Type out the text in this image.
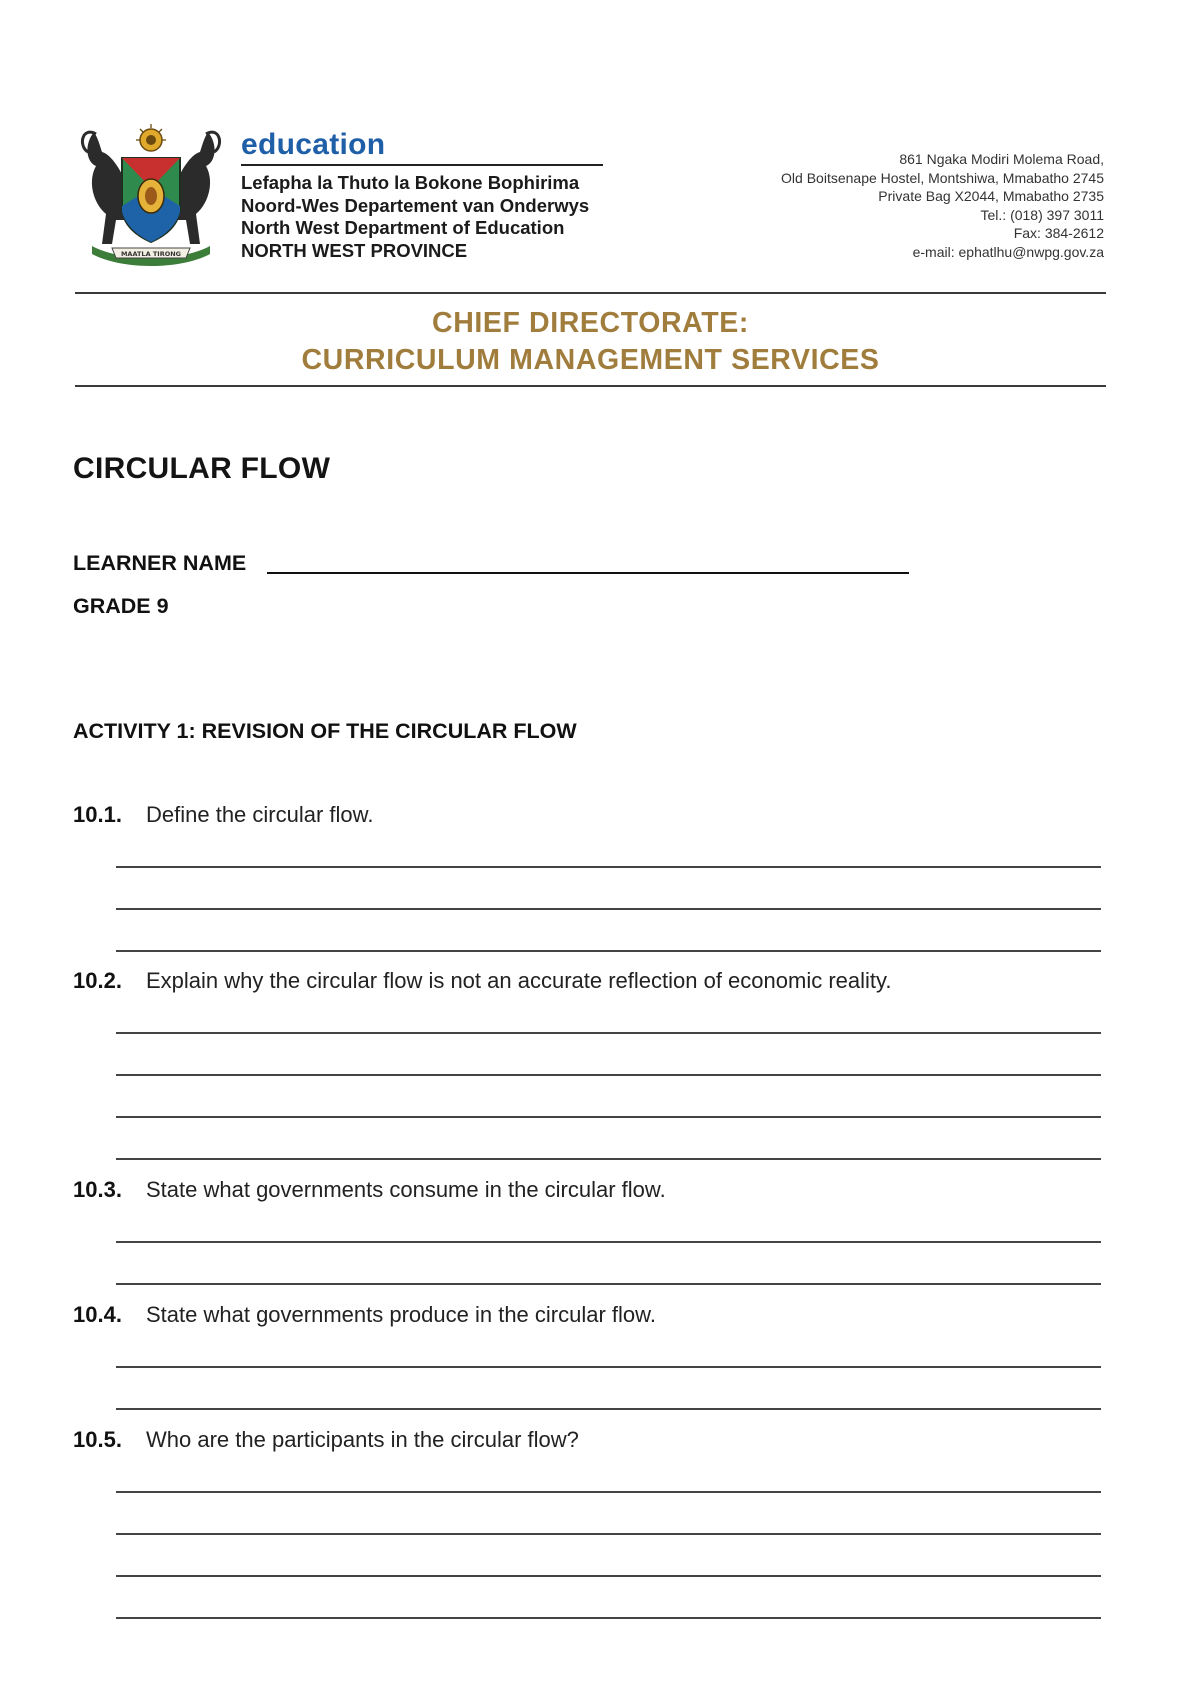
MAATLA TIRONG
education
Lefapha la Thuto la Bokone Bophirima
Noord-Wes Departement van Onderwys
North West Department of Education
NORTH WEST PROVINCE
861 Ngaka Modiri Molema Road,
Old Boitsenape Hostel, Montshiwa, Mmabatho 2745
Private Bag X2044, Mmabatho 2735
Tel.: (018) 397 3011
Fax: 384-2612
e-mail: ephatlhu@nwpg.gov.za
CHIEF DIRECTORATE:
CURRICULUM MANAGEMENT SERVICES
CIRCULAR FLOW
LEARNER NAME
GRADE 9
ACTIVITY 1: REVISION OF THE CIRCULAR FLOW
10.1. Define the circular flow.
10.2. Explain why the circular flow is not an accurate reflection of economic reality.
10.3. State what governments consume in the circular flow.
10.4. State what governments produce in the circular flow.
10.5. Who are the participants in the circular flow?
